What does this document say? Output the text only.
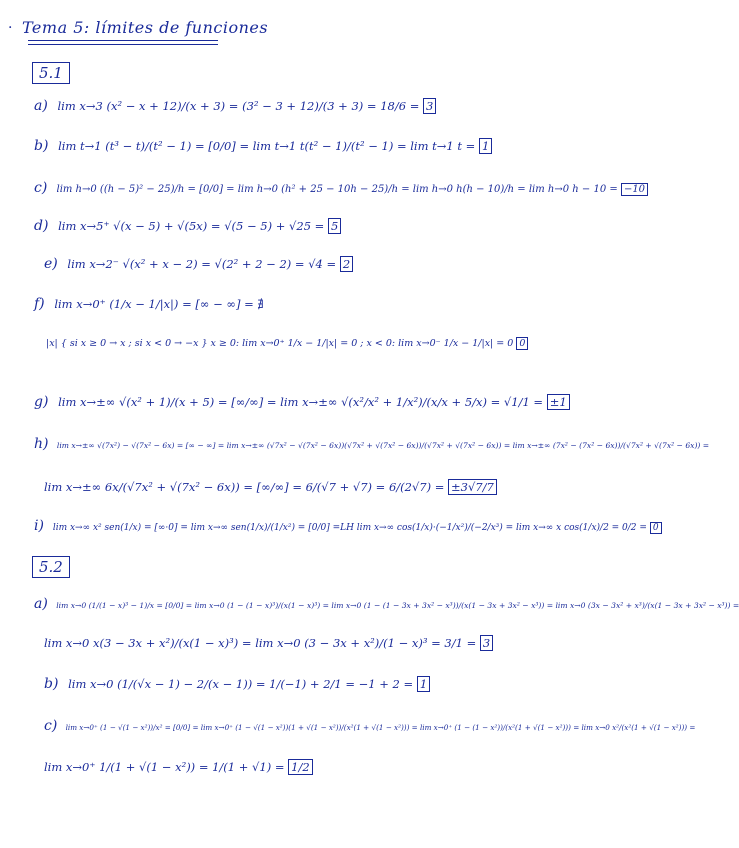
· Tema 5: límites de funciones
5.1
a) lim x→3 (x² − x + 12)/(x + 3) = (3² − 3 + 12)/(3 + 3) = 18/6 = 3
b) lim t→1 (t³ − t)/(t² − 1) = [0/0] = lim t→1 t(t² − 1)/(t² − 1) = lim t→1 t = 1
c) lim h→0 ((h − 5)² − 25)/h = [0/0] = lim h→0 (h² + 25 − 10h − 25)/h = lim h→0 h(h − 10)/h = lim h→0 h − 10 = −10
d) lim x→5⁺ √(x − 5) + √(5x) = √(5 − 5) + √25 = 5
e) lim x→2⁻ √(x² + x − 2) = √(2² + 2 − 2) = √4 = 2
f) lim x→0⁺ (1/x − 1/|x|) = [∞ − ∞] = ∄
|x| { si x ≥ 0 → x ; si x < 0 → −x } x ≥ 0: lim x→0⁺ 1/x − 1/|x| = 0 ; x < 0: lim x→0⁻ 1/x − 1/|x| = 0 0
g) lim x→±∞ √(x² + 1)/(x + 5) = [∞/∞] = lim x→±∞ √(x²/x² + 1/x²)/(x/x + 5/x) = √1/1 = ±1
h) lim x→±∞ √(7x²) − √(7x² − 6x) = [∞ − ∞] = lim x→±∞ (√7x² − √(7x² − 6x))(√7x² + √(7x² − 6x))/(√7x² + √(7x² − 6x)) = lim x→±∞ (7x² − (7x² − 6x))/(√7x² + √(7x² − 6x)) =
lim x→±∞ 6x/(√7x² + √(7x² − 6x)) = [∞/∞] = 6/(√7 + √7) = 6/(2√7) = ±3√7/7
i) lim x→∞ x² sen(1/x) = [∞·0] = lim x→∞ sen(1/x)/(1/x²) = [0/0] =LH lim x→∞ cos(1/x)·(−1/x²)/(−2/x³) = lim x→∞ x cos(1/x)/2 = 0/2 = 0
5.2
a) lim x→0 (1/(1 − x)³ − 1)/x = [0/0] = lim x→0 (1 − (1 − x)³)/(x(1 − x)³) = lim x→0 (1 − (1 − 3x + 3x² − x³))/(x(1 − 3x + 3x² − x³)) = lim x→0 (3x − 3x² + x³)/(x(1 − 3x + 3x² − x³)) =
lim x→0 x(3 − 3x + x²)/(x(1 − x)³) = lim x→0 (3 − 3x + x²)/(1 − x)³ = 3/1 = 3
b) lim x→0 (1/(√x − 1) − 2/(x − 1)) = 1/(−1) + 2/1 = −1 + 2 = 1
c) lim x→0⁺ (1 − √(1 − x²))/x² = [0/0] = lim x→0⁺ (1 − √(1 − x²))(1 + √(1 − x²))/(x²(1 + √(1 − x²))) = lim x→0⁺ (1 − (1 − x²))/(x²(1 + √(1 − x²))) = lim x→0 x²/(x²(1 + √(1 − x²))) =
lim x→0⁺ 1/(1 + √(1 − x²)) = 1/(1 + √1) = 1/2
